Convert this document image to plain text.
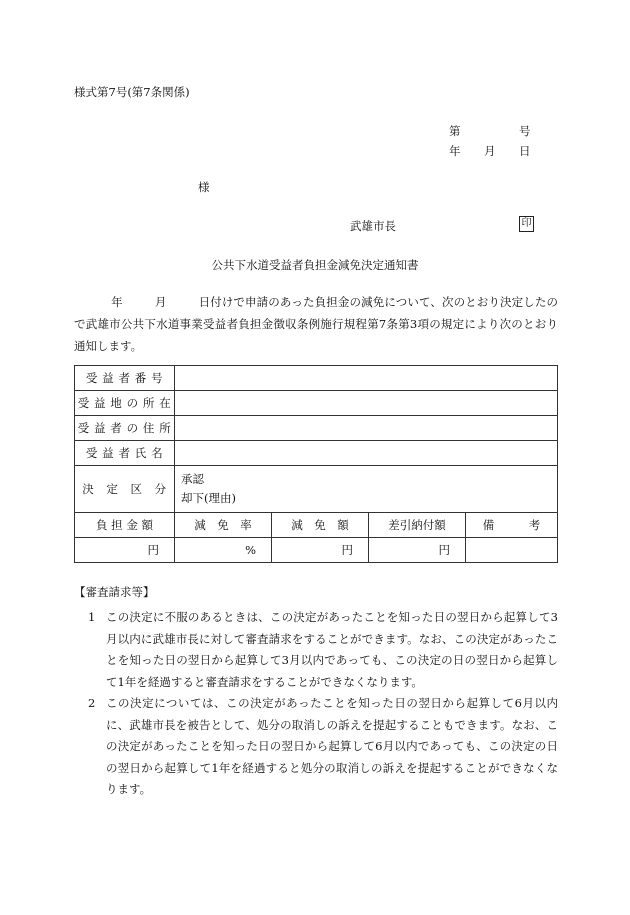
様式第7号(第7条関係)
第	号
年 月 日
様
武雄市長	印
公共下水道受益者負担金減免決定通知書
年	月	日付けで申請のあった負担金の減免について、次のとおり決定したので武雄市公共下水道事業受益者負担金徴収条例施行規程第7条第3項の規定により次のとおり通知します。
受 益 者 番 号				
受 益 地 の 所 在				
受 益 者 の 住 所				
受 益 者 氏 名				
決　定　区　分	承認
却下(理由)			

負 担 金 額	減　免　率	減　免　額	差引納付額	備　　　考
円	%	円	円	
【審査請求等】
1 この決定に不服のあるときは、この決定があったことを知った日の翌日から起算して3月以内に武雄市長に対して審査請求をすることができます。なお、この決定があったことを知った日の翌日から起算して3月以内であっても、この決定の日の翌日から起算して1年を経過すると審査請求をすることができなくなります。
2 この決定については、この決定があったことを知った日の翌日から起算して6月以内に、武雄市長を被告として、処分の取消しの訴えを提起することもできます。なお、この決定があったことを知った日の翌日から起算して6月以内であっても、この決定の日の翌日から起算して1年を経過すると処分の取消しの訴えを提起することができなくなります。
